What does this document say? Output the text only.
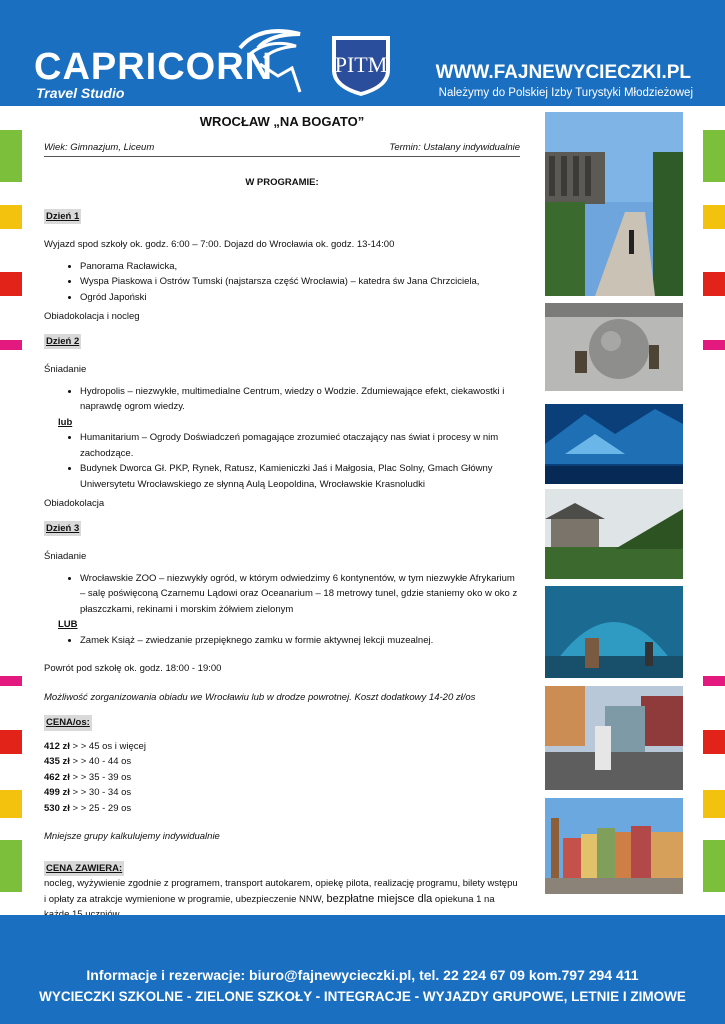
CAPRICORN
Travel Studio
PITM	WWW.FAJNEWYCIECZKI.PL
Należymy do Polskiej Izby Turystyki Młodzieżowej
WROCŁAW „NA BOGATO”
Wiek: Gimnazjum, Liceum	Termin: Ustalany indywidualnie
W PROGRAMIE:
Dzień 1

Wyjazd spod szkoły ok. godz. 6:00 – 7:00. Dojazd do Wrocławia ok. godz. 13-14:00

• Panorama Racławicka,
• Wyspa Piaskowa i Ostrów Tumski (najstarsza część Wrocławia) – katedra św Jana Chrzciciela,
• Ogród Japoński

Obiadokolacja i nocleg

Dzień 2

Śniadanie

• Hydropolis – niezwykłe, multimedialne Centrum, wiedzy o Wodzie. Zdumiewające efekt, ciekawostki i naprawdę ogrom wiedzy.
lub
• Humanitarium – Ogrody Doświadczeń pomagające zrozumieć otaczający nas świat i procesy w nim zachodzące.
• Budynek Dworca Gł. PKP, Rynek, Ratusz, Kamieniczki Jaś i Małgosia, Plac Solny, Gmach Główny Uniwersytetu Wrocławskiego ze słynną Aulą Leopoldina, Wrocławskie Krasnoludki

Obiadokolacja

Dzień 3

Śniadanie

• Wrocławskie ZOO – niezwykły ogród, w którym odwiedzimy 6 kontynentów, w tym niezwykłe Afrykarium – salę poświęconą Czarnemu Lądowi oraz Oceanarium – 18 metrowy tunel, gdzie staniemy oko w oko z płaszczkami, rekinami i morskim żółwiem zielonym
LUB
• Zamek Książ – zwiedzanie przepięknego zamku w formie aktywnej lekcji muzealnej.

Powrót pod szkołę ok. godz. 18:00 - 19:00

Możliwość zorganizowania obiadu we Wrocławiu lub w drodze powrotnej. Koszt dodatkowy 14-20 zł/os

CENA/os:

412 zł > > 45 os i więcej

435 zł > > 40 - 44 os

462 zł > > 35 - 39 os

499 zł > > 30 - 34 os

530 zł > > 25 - 29 os

Mniejsze grupy kalkulujemy indywidualnie

CENA ZAWIERA:

nocleg, wyżywienie zgodnie z programem, transport autokarem, opiekę pilota, realizację programu, bilety wstępu i opłaty za atrakcje wymienione w programie, ubezpieczenie NNW, bezpłatne miejsce dla opiekuna 1 na

Informacje i rezerwacje: biuro@fajnewycieczki.pl, tel. 22 224 67 09 kom.797 294 411
WYCIECZKI SZKOLNE - ZIELONE SZKOŁY - INTEGRACJE - WYJAZDY GRUPOWE, LETNIE I ZIMOWE
